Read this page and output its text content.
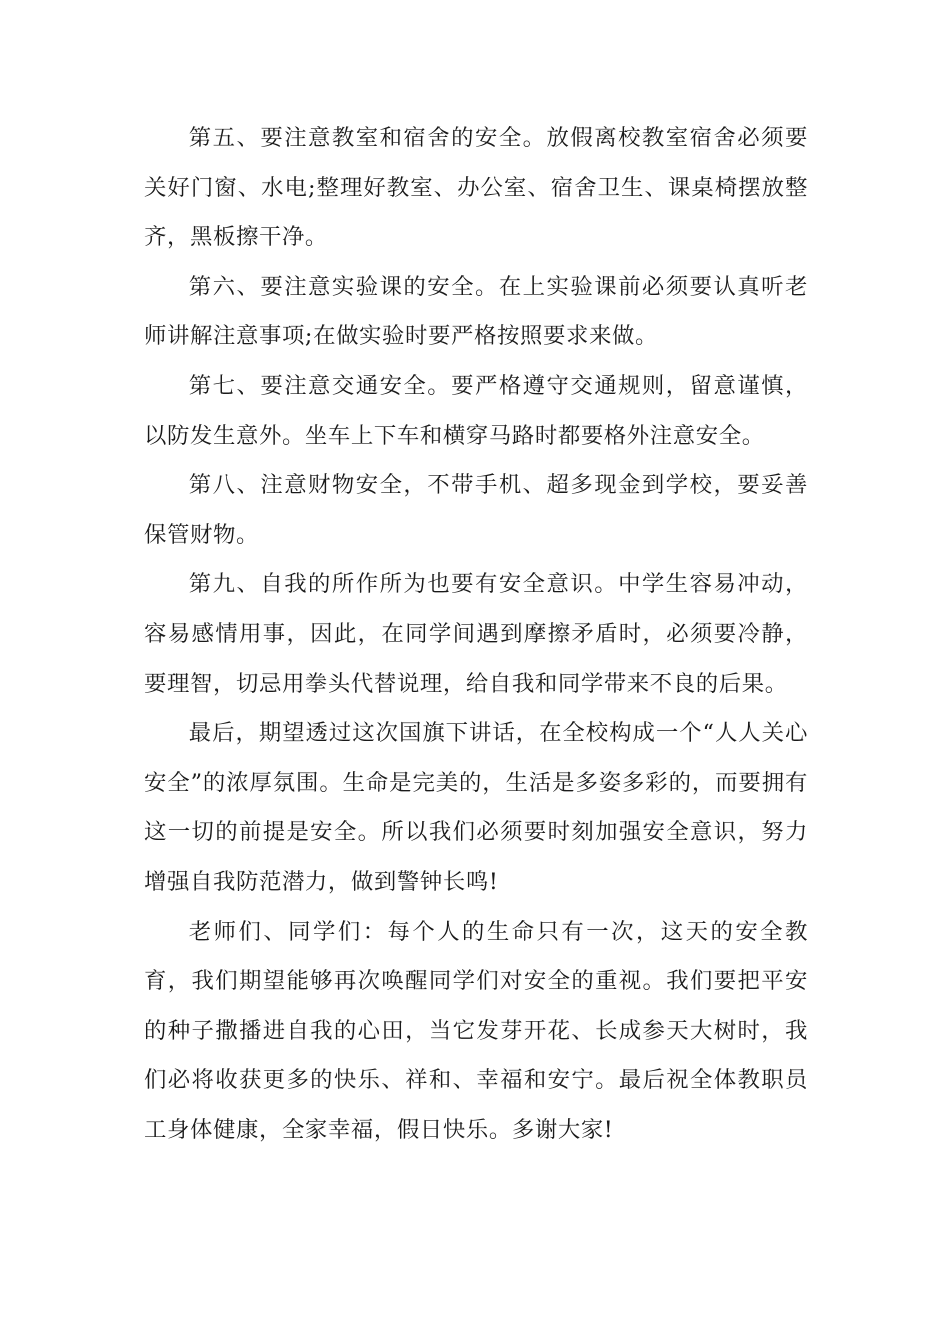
第五、要注意教室和宿舍的安全。放假离校教室宿舍必须要关好门窗、水电;整理好教室、办公室、宿舍卫生、课桌椅摆放整齐，黑板擦干净。

第六、要注意实验课的安全。在上实验课前必须要认真听老师讲解注意事项;在做实验时要严格按照要求来做。

第七、要注意交通安全。要严格遵守交通规则，留意谨慎，以防发生意外。坐车上下车和横穿马路时都要格外注意安全。

第八、注意财物安全，不带手机、超多现金到学校，要妥善保管财物。

第九、自我的所作所为也要有安全意识。中学生容易冲动，容易感情用事，因此，在同学间遇到摩擦矛盾时，必须要冷静，要理智，切忌用拳头代替说理，给自我和同学带来不良的后果。

最后，期望透过这次国旗下讲话，在全校构成一个“人人关心安全”的浓厚氛围。生命是完美的，生活是多姿多彩的，而要拥有这一切的前提是安全。所以我们必须要时刻加强安全意识，努力增强自我防范潜力，做到警钟长鸣!

老师们、同学们：每个人的生命只有一次，这天的安全教育，我们期望能够再次唤醒同学们对安全的重视。我们要把平安的种子撒播进自我的心田，当它发芽开花、长成参天大树时，我们必将收获更多的快乐、祥和、幸福和安宁。最后祝全体教职员工身体健康，全家幸福，假日快乐。多谢大家!
